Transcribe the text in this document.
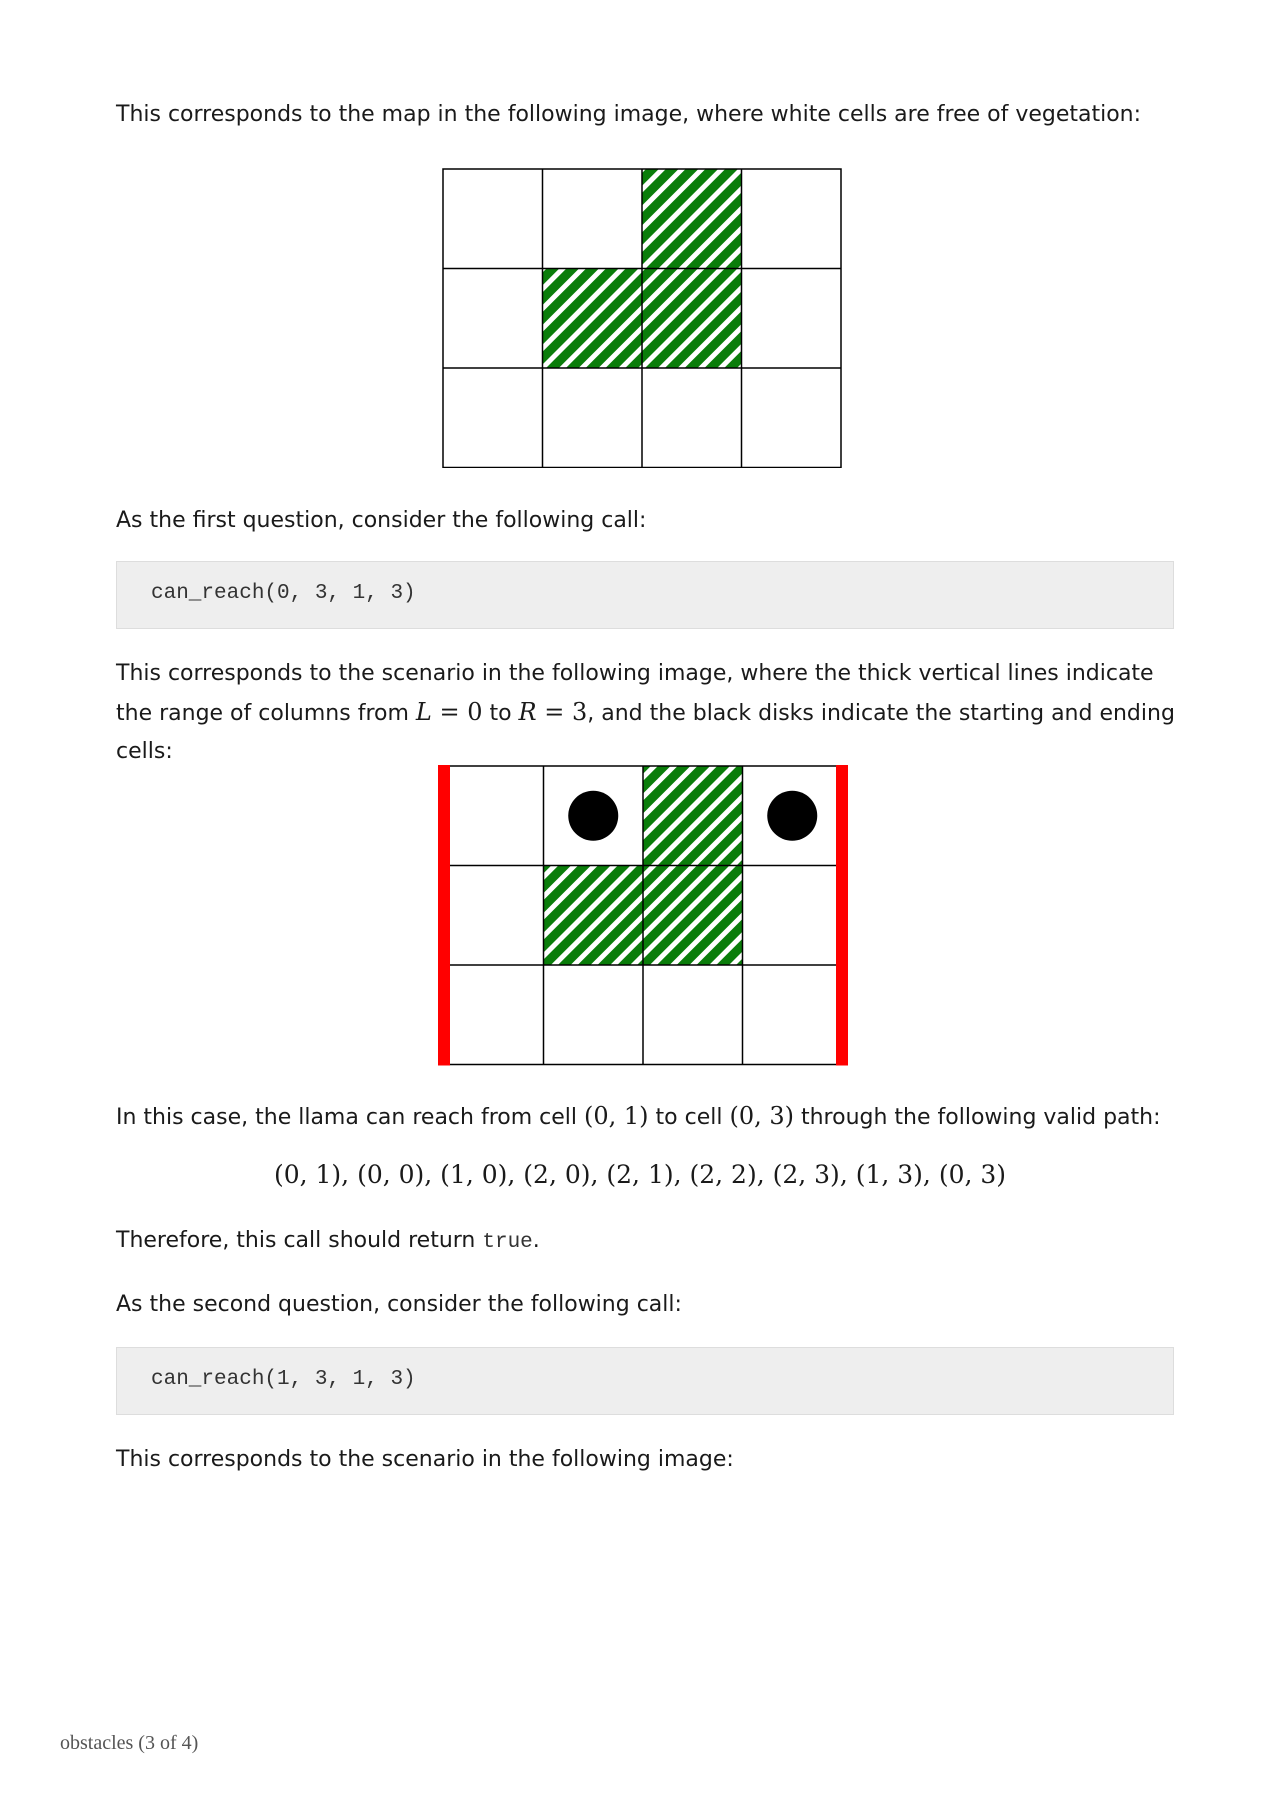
This corresponds to the map in the following image, where white cells are free of vegetation:

As the first question, consider the following call:

can_reach(0, 3, 1, 3)

This corresponds to the scenario in the following image, where the thick vertical lines indicate the range of columns from L = 0 to R = 3, and the black disks indicate the starting and ending cells:

In this case, the llama can reach from cell (0, 1) to cell (0, 3) through the following valid path:

(0, 1), (0, 0), (1, 0), (2, 0), (2, 1), (2, 2), (2, 3), (1, 3), (0, 3)

Therefore, this call should return true.

As the second question, consider the following call:

can_reach(1, 3, 1, 3)

This corresponds to the scenario in the following image:

obstacles (3 of 4)
